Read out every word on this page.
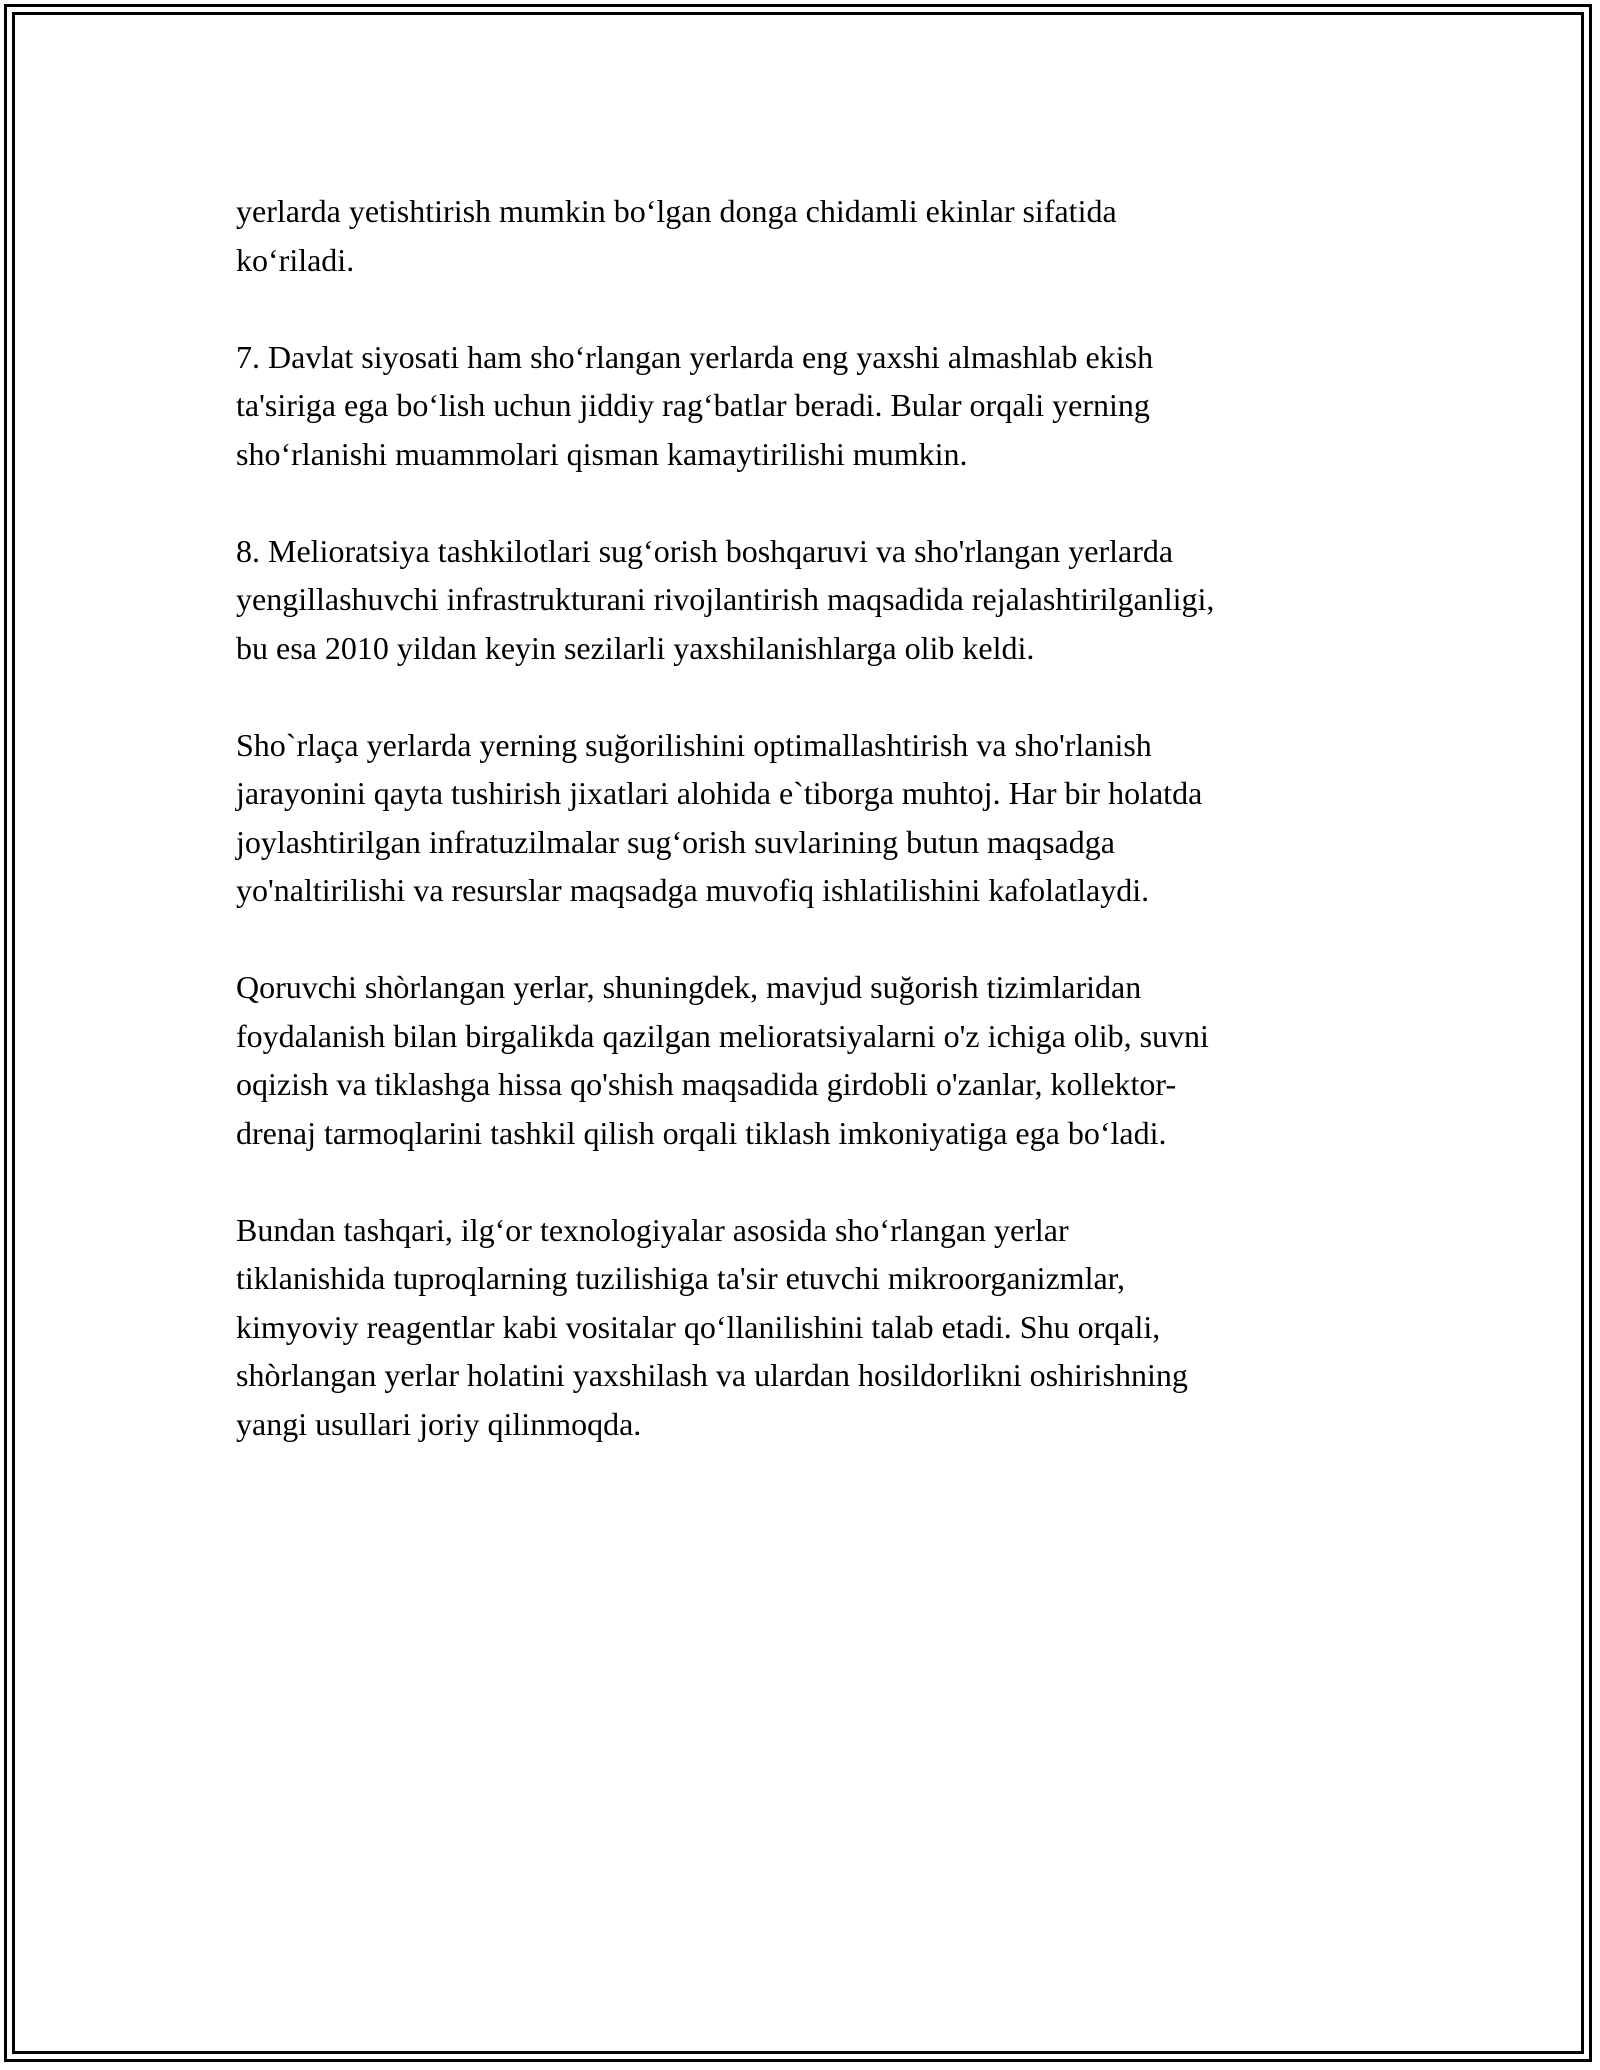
yerlarda yetishtirish mumkin bo‘lgan donga chidamli ekinlar sifatida
ko‘riladi.

7. Davlat siyosati ham sho‘rlangan yerlarda eng yaxshi almashlab ekish
ta'siriga ega bo‘lish uchun jiddiy rag‘batlar beradi. Bular orqali yerning
sho‘rlanishi muammolari qisman kamaytirilishi mumkin.

8. Melioratsiya tashkilotlari sug‘orish boshqaruvi va sho'rlangan yerlarda
yengillashuvchi infrastrukturani rivojlantirish maqsadida rejalashtirilganligi,
bu esa 2010 yildan keyin sezilarli yaxshilanishlarga olib keldi.

Sho`rlaça yerlarda yerning suğorilishini optimallashtirish va sho'rlanish
jarayonini qayta tushirish jixatlari alohida e`tiborga muhtoj. Har bir holatda
joylashtirilgan infratuzilmalar sug‘orish suvlarining butun maqsadga
yo'naltirilishi va resurslar maqsadga muvofiq ishlatilishini kafolatlaydi.

Qoruvchi shòrlangan yerlar, shuningdek, mavjud suğorish tizimlaridan
foydalanish bilan birgalikda qazilgan melioratsiyalarni o'z ichiga olib, suvni
oqizish va tiklashga hissa qo'shish maqsadida girdobli o'zanlar, kollektor-
drenaj tarmoqlarini tashkil qilish orqali tiklash imkoniyatiga ega bo‘ladi.

Bundan tashqari, ilg‘or texnologiyalar asosida sho‘rlangan yerlar
tiklanishida tuproqlarning tuzilishiga ta'sir etuvchi mikroorganizmlar,
kimyoviy reagentlar kabi vositalar qo‘llanilishini talab etadi. Shu orqali,
shòrlangan yerlar holatini yaxshilash va ulardan hosildorlikni oshirishning
yangi usullari joriy qilinmoqda.
